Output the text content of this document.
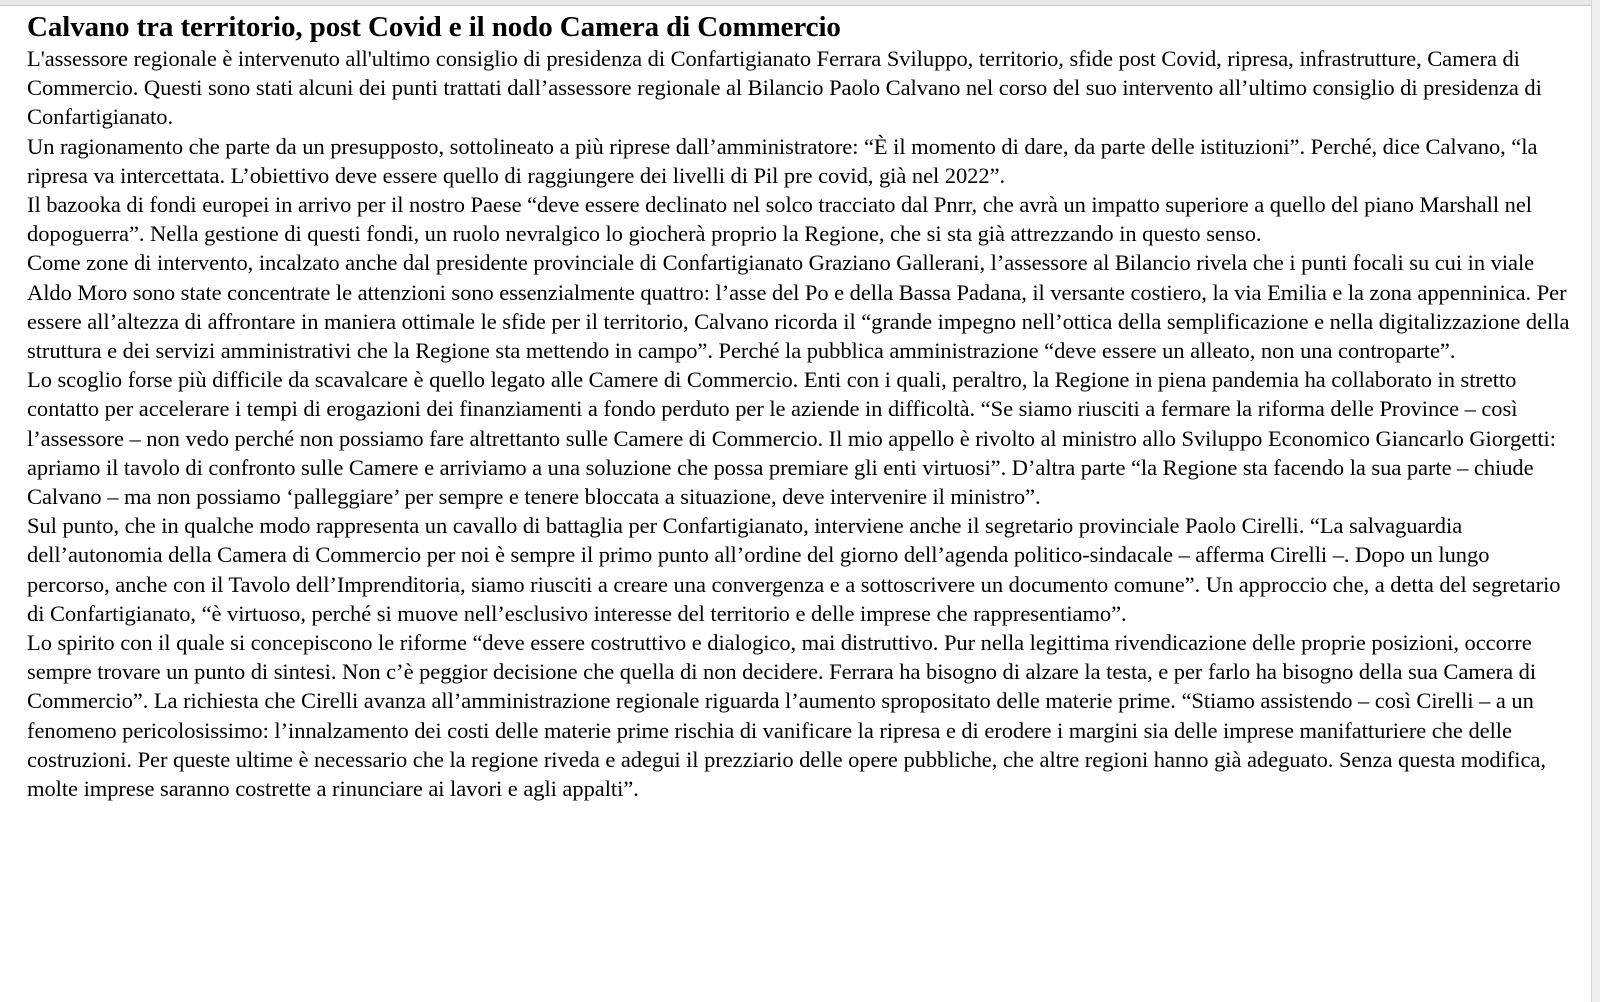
Calvano tra territorio, post Covid e il nodo Camera di Commercio

L'assessore regionale è intervenuto all'ultimo consiglio di presidenza di Confartigianato Ferrara Sviluppo, territorio, sfide post Covid, ripresa, infrastrutture, Camera di Commercio. Questi sono stati alcuni dei punti trattati dall’assessore regionale al Bilancio Paolo Calvano nel corso del suo intervento all’ultimo consiglio di presidenza di Confartigianato.

Un ragionamento che parte da un presupposto, sottolineato a più riprese dall’amministratore: “È il momento di dare, da parte delle istituzioni”. Perché, dice Calvano, “la ripresa va intercettata. L’obiettivo deve essere quello di raggiungere dei livelli di Pil pre covid, già nel 2022”.

Il bazooka di fondi europei in arrivo per il nostro Paese “deve essere declinato nel solco tracciato dal Pnrr, che avrà un impatto superiore a quello del piano Marshall nel dopoguerra”. Nella gestione di questi fondi, un ruolo nevralgico lo giocherà proprio la Regione, che si sta già attrezzando in questo senso.

Come zone di intervento, incalzato anche dal presidente provinciale di Confartigianato Graziano Gallerani, l’assessore al Bilancio rivela che i punti focali su cui in viale Aldo Moro sono state concentrate le attenzioni sono essenzialmente quattro: l’asse del Po e della Bassa Padana, il versante costiero, la via Emilia e la zona appenninica. Per essere all’altezza di affrontare in maniera ottimale le sfide per il territorio, Calvano ricorda il “grande impegno nell’ottica della semplificazione e nella digitalizzazione della struttura e dei servizi amministrativi che la Regione sta mettendo in campo”. Perché la pubblica amministrazione “deve essere un alleato, non una controparte”.

Lo scoglio forse più difficile da scavalcare è quello legato alle Camere di Commercio. Enti con i quali, peraltro, la Regione in piena pandemia ha collaborato in stretto contatto per accelerare i tempi di erogazioni dei finanziamenti a fondo perduto per le aziende in difficoltà. “Se siamo riusciti a fermare la riforma delle Province – così l’assessore – non vedo perché non possiamo fare altrettanto sulle Camere di Commercio. Il mio appello è rivolto al ministro allo Sviluppo Economico Giancarlo Giorgetti: apriamo il tavolo di confronto sulle Camere e arriviamo a una soluzione che possa premiare gli enti virtuosi”. D’altra parte “la Regione sta facendo la sua parte – chiude Calvano – ma non possiamo ‘palleggiare’ per sempre e tenere bloccata a situazione, deve intervenire il ministro”.

Sul punto, che in qualche modo rappresenta un cavallo di battaglia per Confartigianato, interviene anche il segretario provinciale Paolo Cirelli. “La salvaguardia dell’autonomia della Camera di Commercio per noi è sempre il primo punto all’ordine del giorno dell’agenda politico-sindacale – afferma Cirelli –. Dopo un lungo percorso, anche con il Tavolo dell’Imprenditoria, siamo riusciti a creare una convergenza e a sottoscrivere un documento comune”. Un approccio che, a detta del segretario di Confartigianato, “è virtuoso, perché si muove nell’esclusivo interesse del territorio e delle imprese che rappresentiamo”.

Lo spirito con il quale si concepiscono le riforme “deve essere costruttivo e dialogico, mai distruttivo. Pur nella legittima rivendicazione delle proprie posizioni, occorre sempre trovare un punto di sintesi. Non c’è peggior decisione che quella di non decidere. Ferrara ha bisogno di alzare la testa, e per farlo ha bisogno della sua Camera di Commercio”. La richiesta che Cirelli avanza all’amministrazione regionale riguarda l’aumento spropositato delle materie prime. “Stiamo assistendo – così Cirelli – a un fenomeno pericolosissimo: l’innalzamento dei costi delle materie prime rischia di vanificare la ripresa e di erodere i margini sia delle imprese manifatturiere che delle costruzioni. Per queste ultime è necessario che la regione riveda e adegui il prezziario delle opere pubbliche, che altre regioni hanno già adeguato. Senza questa modifica, molte imprese saranno costrette a rinunciare ai lavori e agli appalti”.
